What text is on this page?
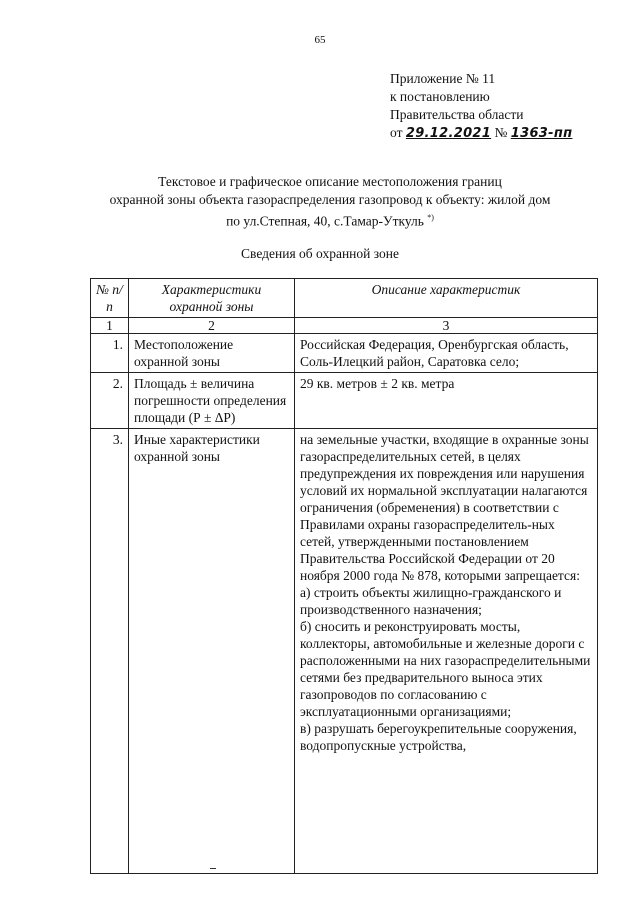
65
Приложение № 11
к постановлению
Правительства области
от 29.12.2021 № 1363-пп
Текстовое и графическое описание местоположения границ
охранной зоны объекта газораспределения газопровод к объекту: жилой дом
по ул.Степная, 40, с.Тамар-Уткуль *)
Сведения об охранной зоне
№ п/п	Характеристики охранной зоны	Описание характеристик
1	2	3
1.	Местоположение охранной зоны	Российская Федерация, Оренбургская область, Соль-Илецкий район, Саратовка село;
2.	Площадь ± величина погрешности определения площади (Р ± ΔР)	29 кв. метров ± 2 кв. метра
3.	Иные характеристики охранной зоны	на земельные участки, входящие в охранные зоны газораспределительных сетей, в целях предупреждения их повреждения или нарушения условий их нормальной эксплуатации налагаются ограничения (обременения) в соответствии с Правилами охраны газораспределитель-ных сетей, утвержденными постановлением Правительства Российской Федерации от 20 ноября 2000 года № 878, которыми запрещается:
а) строить объекты жилищно-гражданского и производственного назначения;
б) сносить и реконструировать мосты, коллекторы, автомобильные и железные дороги с расположенными на них газораспределительными сетями без предварительного выноса этих газопроводов по согласованию с эксплуатационными организациями;
в) разрушать берегоукрепительные сооружения, водопропускные устройства,
